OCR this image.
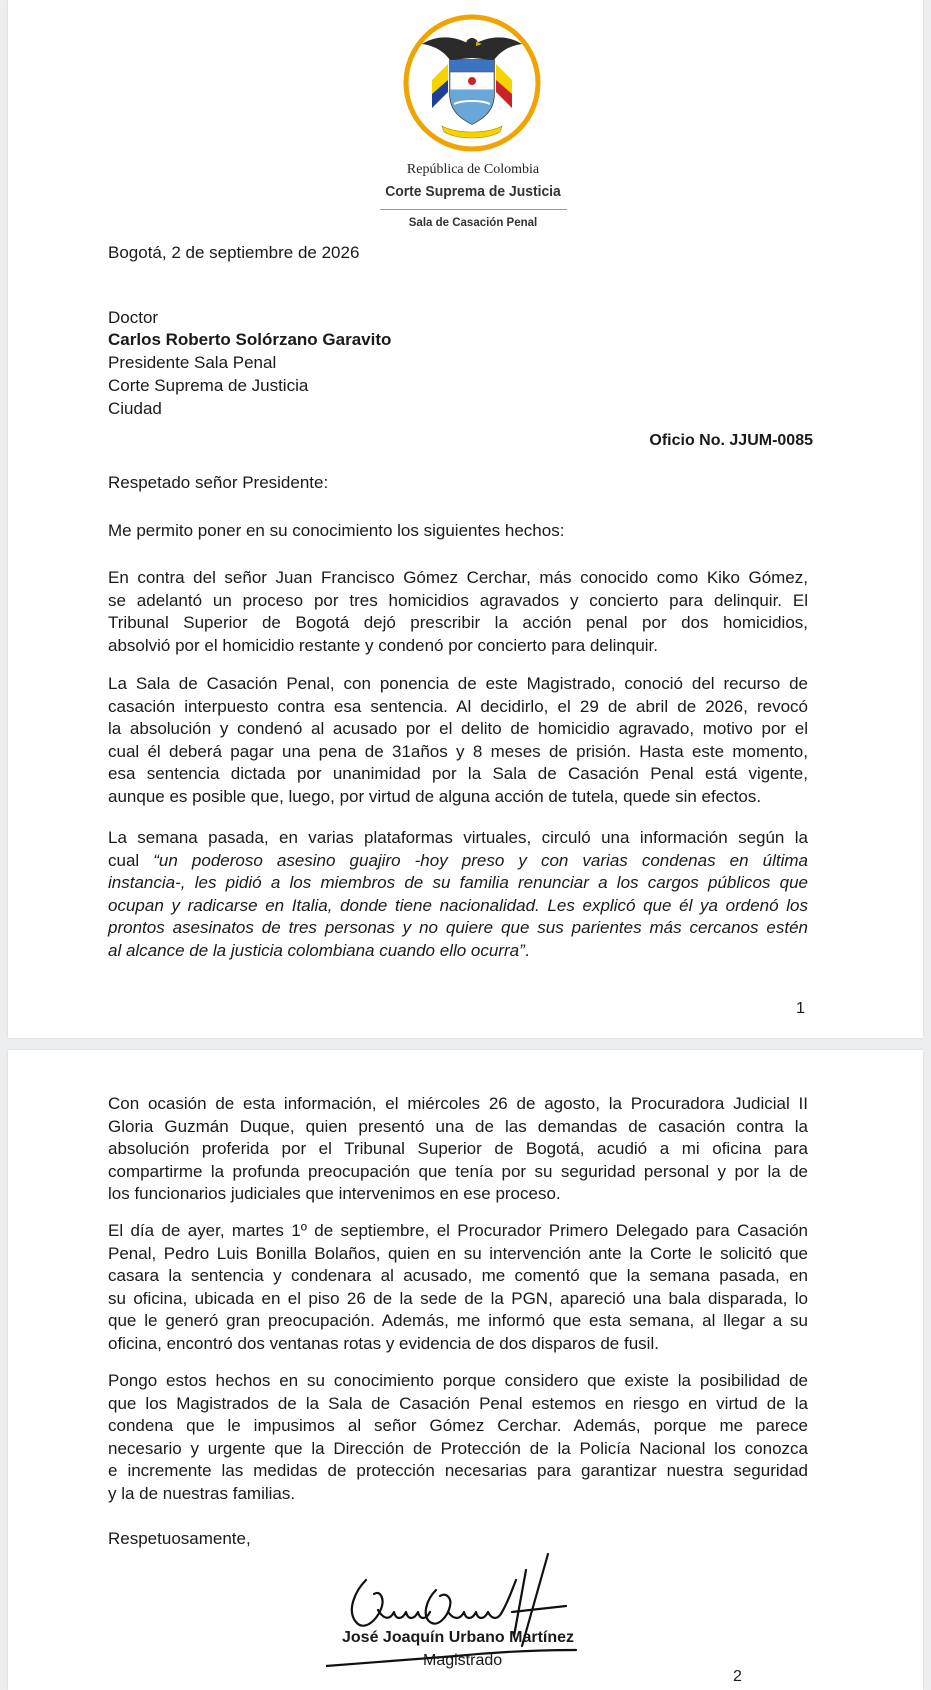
República de Colombia
Corte Suprema de Justicia
Sala de Casación Penal
Bogotá, 2 de septiembre de 2026
Doctor
Carlos Roberto Solórzano Garavito
Presidente Sala Penal
Corte Suprema de Justicia
Ciudad
Oficio No. JJUM-0085
Respetado señor Presidente:
Me permito poner en su conocimiento los siguientes hechos:
En contra del señor Juan Francisco Gómez Cerchar, más conocido como Kiko Gómez,
se adelantó un proceso por tres homicidios agravados y concierto para delinquir. El
Tribunal Superior de Bogotá dejó prescribir la acción penal por dos homicidios,
absolvió por el homicidio restante y condenó por concierto para delinquir.
La Sala de Casación Penal, con ponencia de este Magistrado, conoció del recurso de
casación interpuesto contra esa sentencia. Al decidirlo, el 29 de abril de 2026, revocó
la absolución y condenó al acusado por el delito de homicidio agravado, motivo por el
cual él deberá pagar una pena de 31años y 8 meses de prisión. Hasta este momento,
esa sentencia dictada por unanimidad por la Sala de Casación Penal está vigente,
aunque es posible que, luego, por virtud de alguna acción de tutela, quede sin efectos.
La semana pasada, en varias plataformas virtuales, circuló una información según la
cual “un poderoso asesino guajiro -hoy preso y con varias condenas en última
instancia-, les pidió a los miembros de su familia renunciar a los cargos públicos que
ocupan y radicarse en Italia, donde tiene nacionalidad. Les explicó que él ya ordenó los
prontos asesinatos de tres personas y no quiere que sus parientes más cercanos estén
al alcance de la justicia colombiana cuando ello ocurra”.
1
Con ocasión de esta información, el miércoles 26 de agosto, la Procuradora Judicial II
Gloria Guzmán Duque, quien presentó una de las demandas de casación contra la
absolución proferida por el Tribunal Superior de Bogotá, acudió a mi oficina para
compartirme la profunda preocupación que tenía por su seguridad personal y por la de
los funcionarios judiciales que intervenimos en ese proceso.
El día de ayer, martes 1º de septiembre, el Procurador Primero Delegado para Casación
Penal, Pedro Luis Bonilla Bolaños, quien en su intervención ante la Corte le solicitó que
casara la sentencia y condenara al acusado, me comentó que la semana pasada, en
su oficina, ubicada en el piso 26 de la sede de la PGN, apareció una bala disparada, lo
que le generó gran preocupación. Además, me informó que esta semana, al llegar a su
oficina, encontró dos ventanas rotas y evidencia de dos disparos de fusil.
Pongo estos hechos en su conocimiento porque considero que existe la posibilidad de
que los Magistrados de la Sala de Casación Penal estemos en riesgo en virtud de la
condena que le impusimos al señor Gómez Cerchar. Además, porque me parece
necesario y urgente que la Dirección de Protección de la Policía Nacional los conozca
e incremente las medidas de protección necesarias para garantizar nuestra seguridad
y la de nuestras familias.
Respetuosamente,
José Joaquín Urbano Martínez
Magistrado
2
